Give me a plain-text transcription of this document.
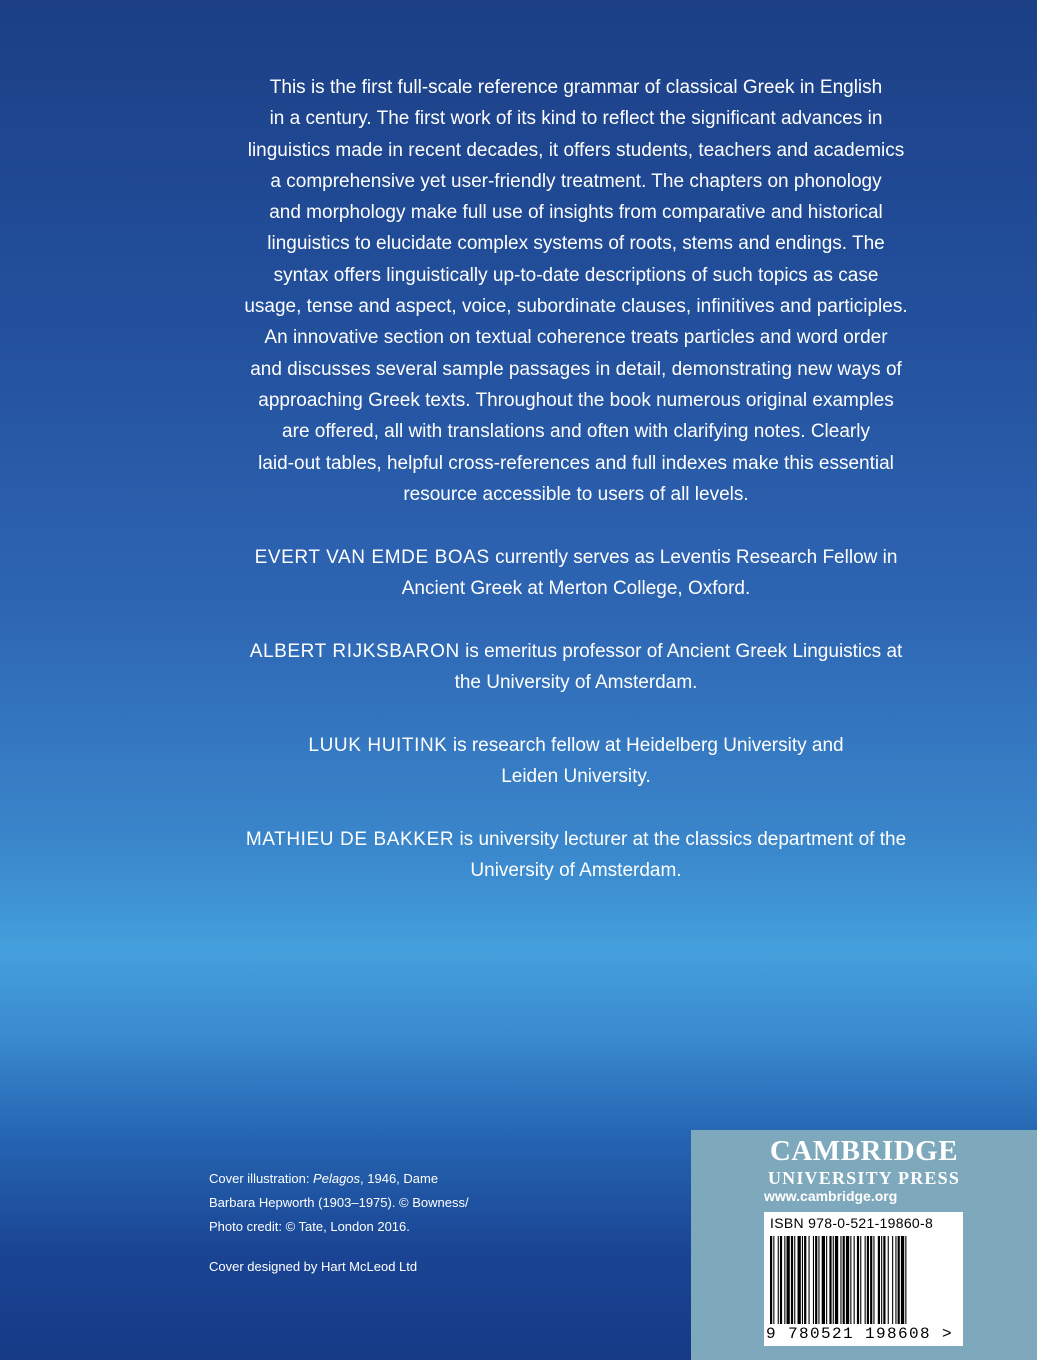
This is the first full-scale reference grammar of classical Greek in English

in a century. The first work of its kind to reflect the significant advances in

linguistics made in recent decades, it offers students, teachers and academics

a comprehensive yet user-friendly treatment. The chapters on phonology

and morphology make full use of insights from comparative and historical

linguistics to elucidate complex systems of roots, stems and endings. The

syntax offers linguistically up-to-date descriptions of such topics as case

usage, tense and aspect, voice, subordinate clauses, infinitives and participles.

An innovative section on textual coherence treats particles and word order

and discusses several sample passages in detail, demonstrating new ways of

approaching Greek texts. Throughout the book numerous original examples

are offered, all with translations and often with clarifying notes. Clearly

laid-out tables, helpful cross-references and full indexes make this essential

resource accessible to users of all levels.

EVERT VAN EMDE BOAS currently serves as Leventis Research Fellow in

Ancient Greek at Merton College, Oxford.

ALBERT RIJKSBARON is emeritus professor of Ancient Greek Linguistics at

the University of Amsterdam.

LUUK HUITINK is research fellow at Heidelberg University and

Leiden University.

MATHIEU DE BAKKER is university lecturer at the classics department of the

University of Amsterdam.

Cover illustration: Pelagos, 1946, Dame

Barbara Hepworth (1903–1975). © Bowness/

Photo credit: © Tate, London 2016.

Cover designed by Hart McLeod Ltd

CAMBRIDGE
UNIVERSITY PRESS
www.cambridge.org
ISBN 978-0-521-19860-8
9 780521 198608 >
